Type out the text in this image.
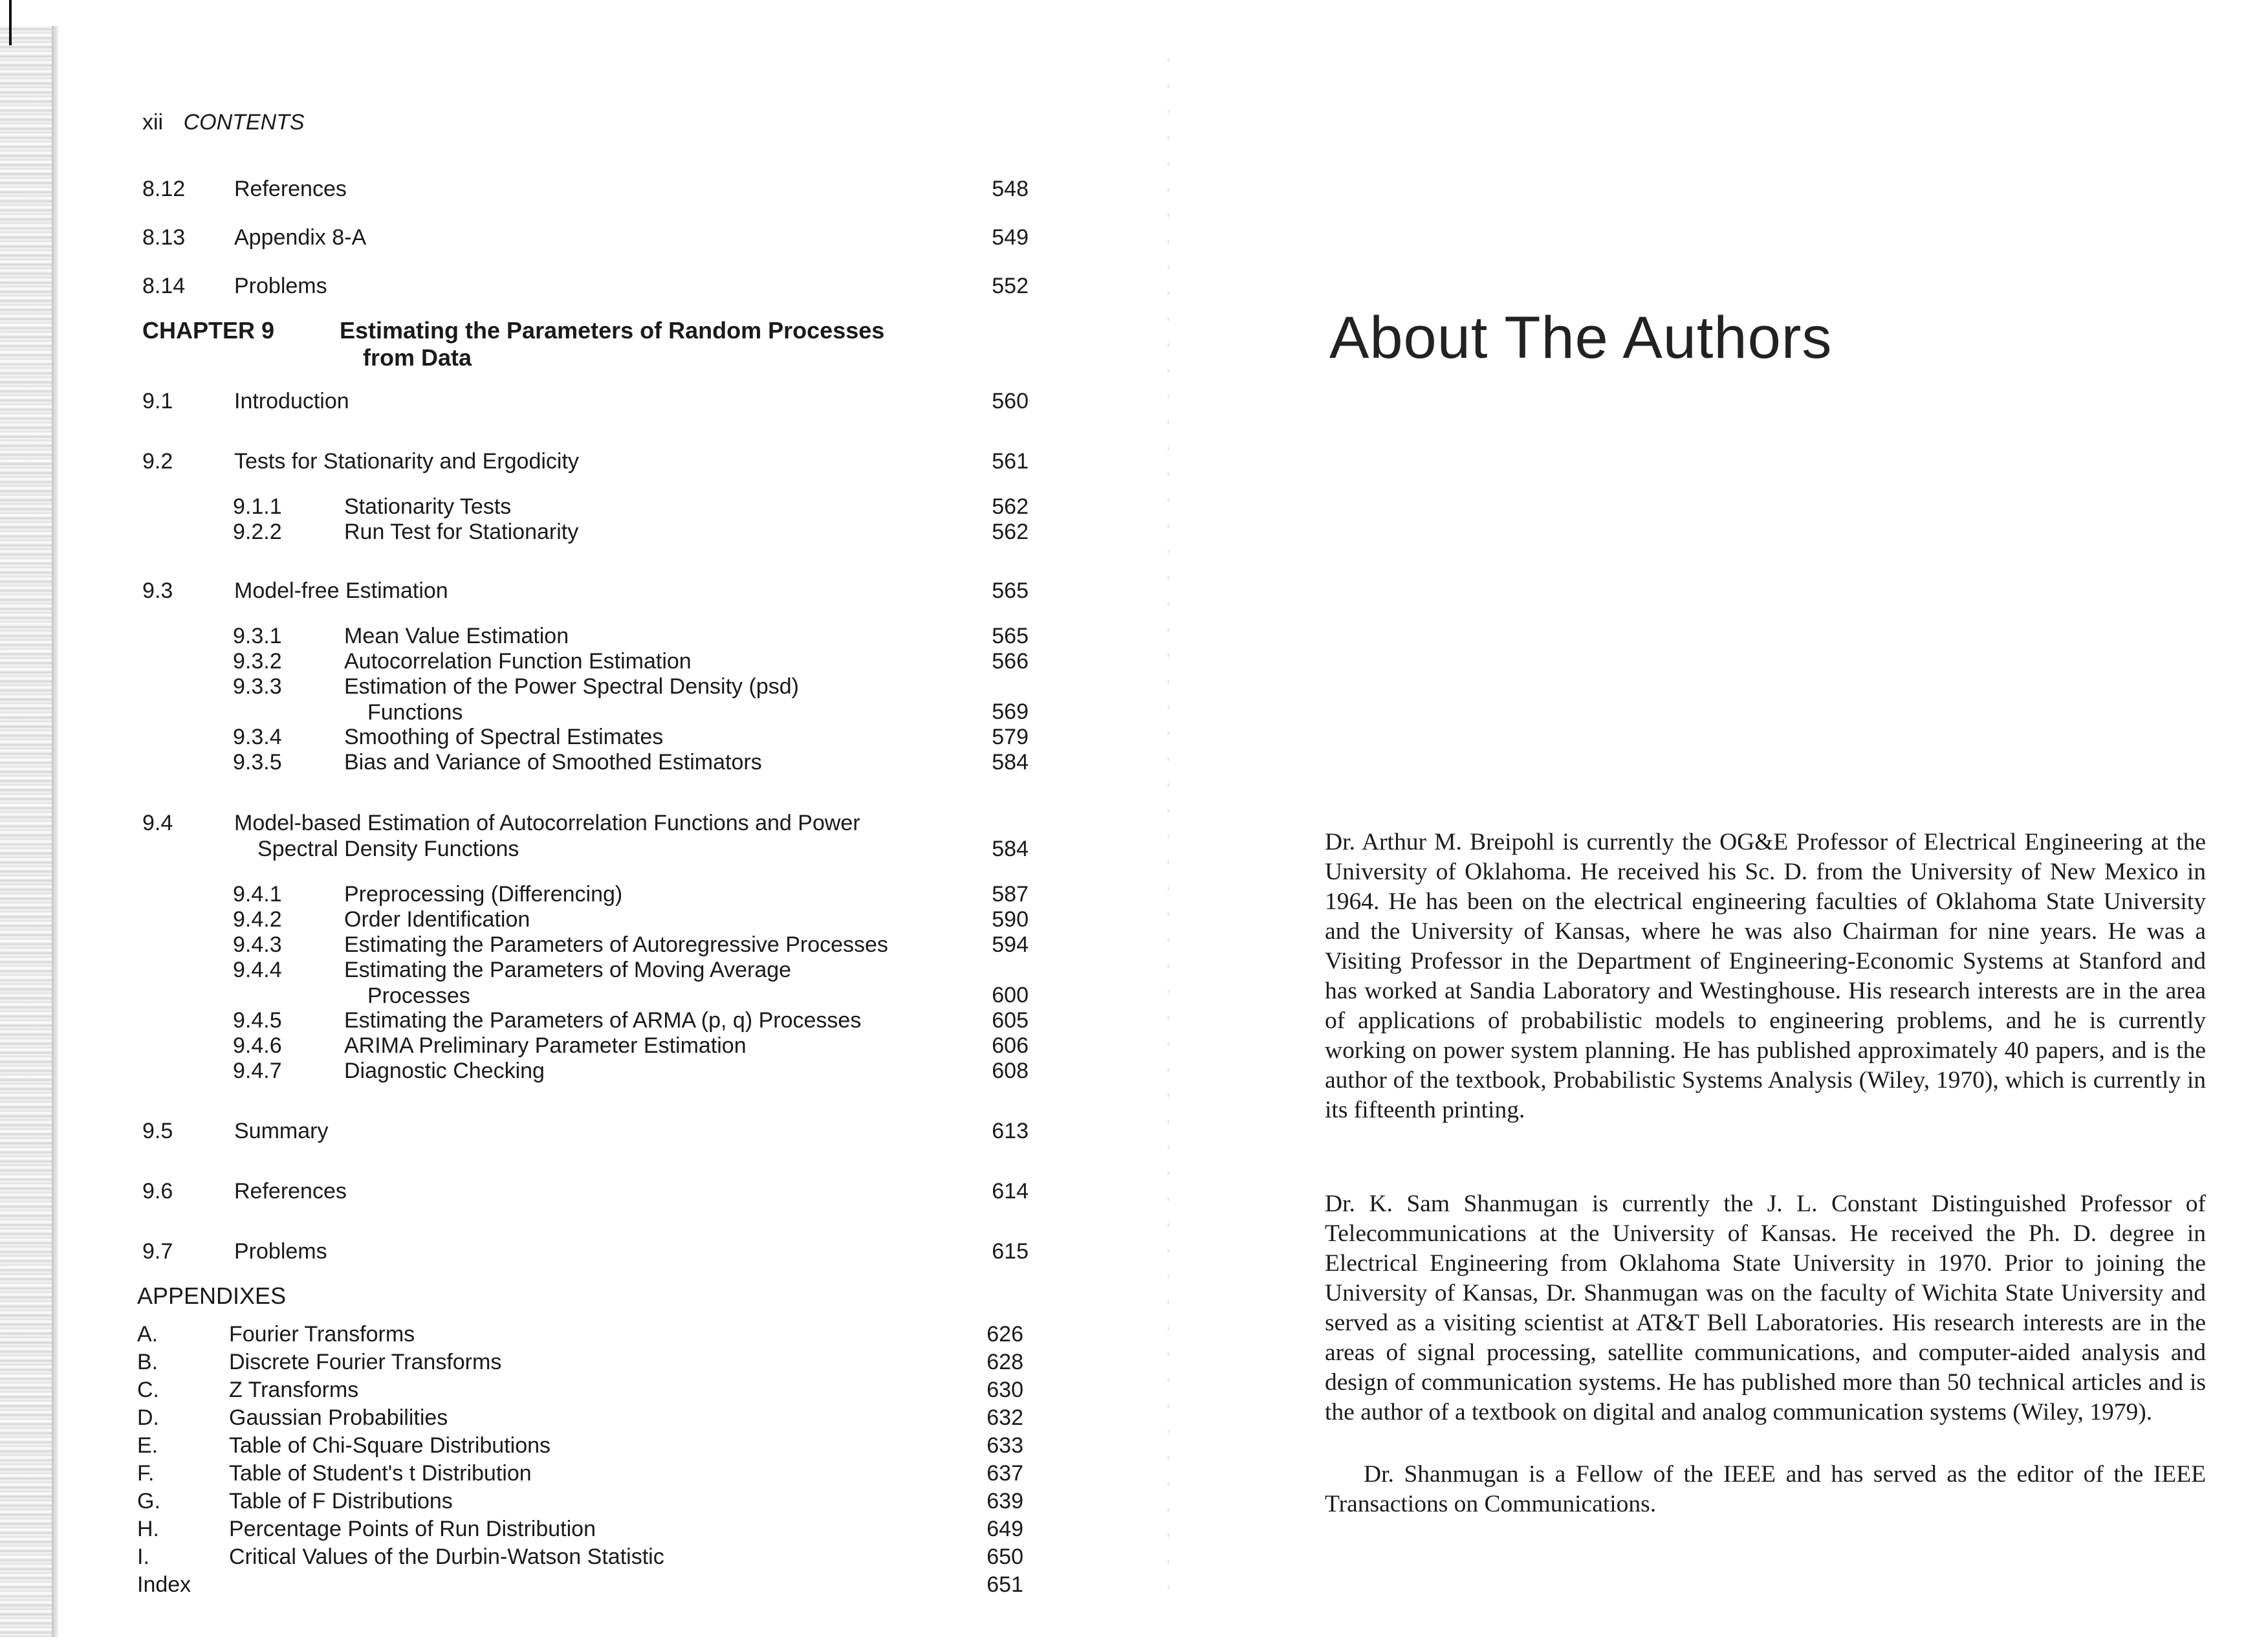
xii CONTENTS
8.12 References	548
8.13 Appendix 8-A	549
8.14 Problems	552
CHAPTER 9	Estimating the Parameters of Random Processes
from Data
9.1	Introduction	560
9.2	Tests for Stationarity and Ergodicity	561
9.1.1	Stationarity Tests	562
9.2.2	Run Test for Stationarity	562
9.3	Model-free Estimation	565
9.3.1	Mean Value Estimation	565
9.3.2	Autocorrelation Function Estimation	566
9.3.3	Estimation of the Power Spectral Density (psd)
Functions	569
9.3.4	Smoothing of Spectral Estimates	579
9.3.5	Bias and Variance of Smoothed Estimators	584
9.4	Model-based Estimation of Autocorrelation Functions and Power
Spectral Density Functions	584
9.4.1	Preprocessing (Differencing)	587
9.4.2	Order Identification	590
9.4.3	Estimating the Parameters of Autoregressive Processes	594
9.4.4	Estimating the Parameters of Moving Average
Processes	600
9.4.5	Estimating the Parameters of ARMA (p, q) Processes	605
9.4.6	ARIMA Preliminary Parameter Estimation	606
9.4.7	Diagnostic Checking	608
9.5	Summary	613
9.6	References	614
9.7	Problems	615
APPENDIXES
A.	Fourier Transforms	626
B.	Discrete Fourier Transforms	628
C.	Z Transforms	630
D.	Gaussian Probabilities	632
E.	Table of Chi-Square Distributions	633
F.	Table of Student's t Distribution	637
G.	Table of F Distributions	639
H.	Percentage Points of Run Distribution	649
I.	Critical Values of the Durbin-Watson Statistic	650
Index	651
About The Authors

Dr. Arthur M. Breipohl is currently the OG&E Professor of Electrical Engineering at the University of Oklahoma. He received his Sc. D. from the University of New Mexico in 1964. He has been on the electrical engineering faculties of Oklahoma State University and the University of Kansas, where he was also Chairman for nine years. He was a Visiting Professor in the Department of Engineering-Economic Systems at Stanford and has worked at Sandia Laboratory and Westinghouse. His research interests are in the area of applications of probabilistic models to engineering problems, and he is currently working on power system planning. He has published approximately 40 papers, and is the author of the textbook, Probabilistic Systems Analysis (Wiley, 1970), which is currently in its fifteenth printing.

Dr. K. Sam Shanmugan is currently the J. L. Constant Distinguished Professor of Telecommunications at the University of Kansas. He received the Ph. D. degree in Electrical Engineering from Oklahoma State University in 1970. Prior to joining the University of Kansas, Dr. Shanmugan was on the faculty of Wichita State University and served as a visiting scientist at AT&T Bell Laboratories. His research interests are in the areas of signal processing, satellite communications, and computer-aided analysis and design of communication systems. He has published more than 50 technical articles and is the author of a textbook on digital and analog communication systems (Wiley, 1979).

Dr. Shanmugan is a Fellow of the IEEE and has served as the editor of the IEEE Transactions on Communications.
